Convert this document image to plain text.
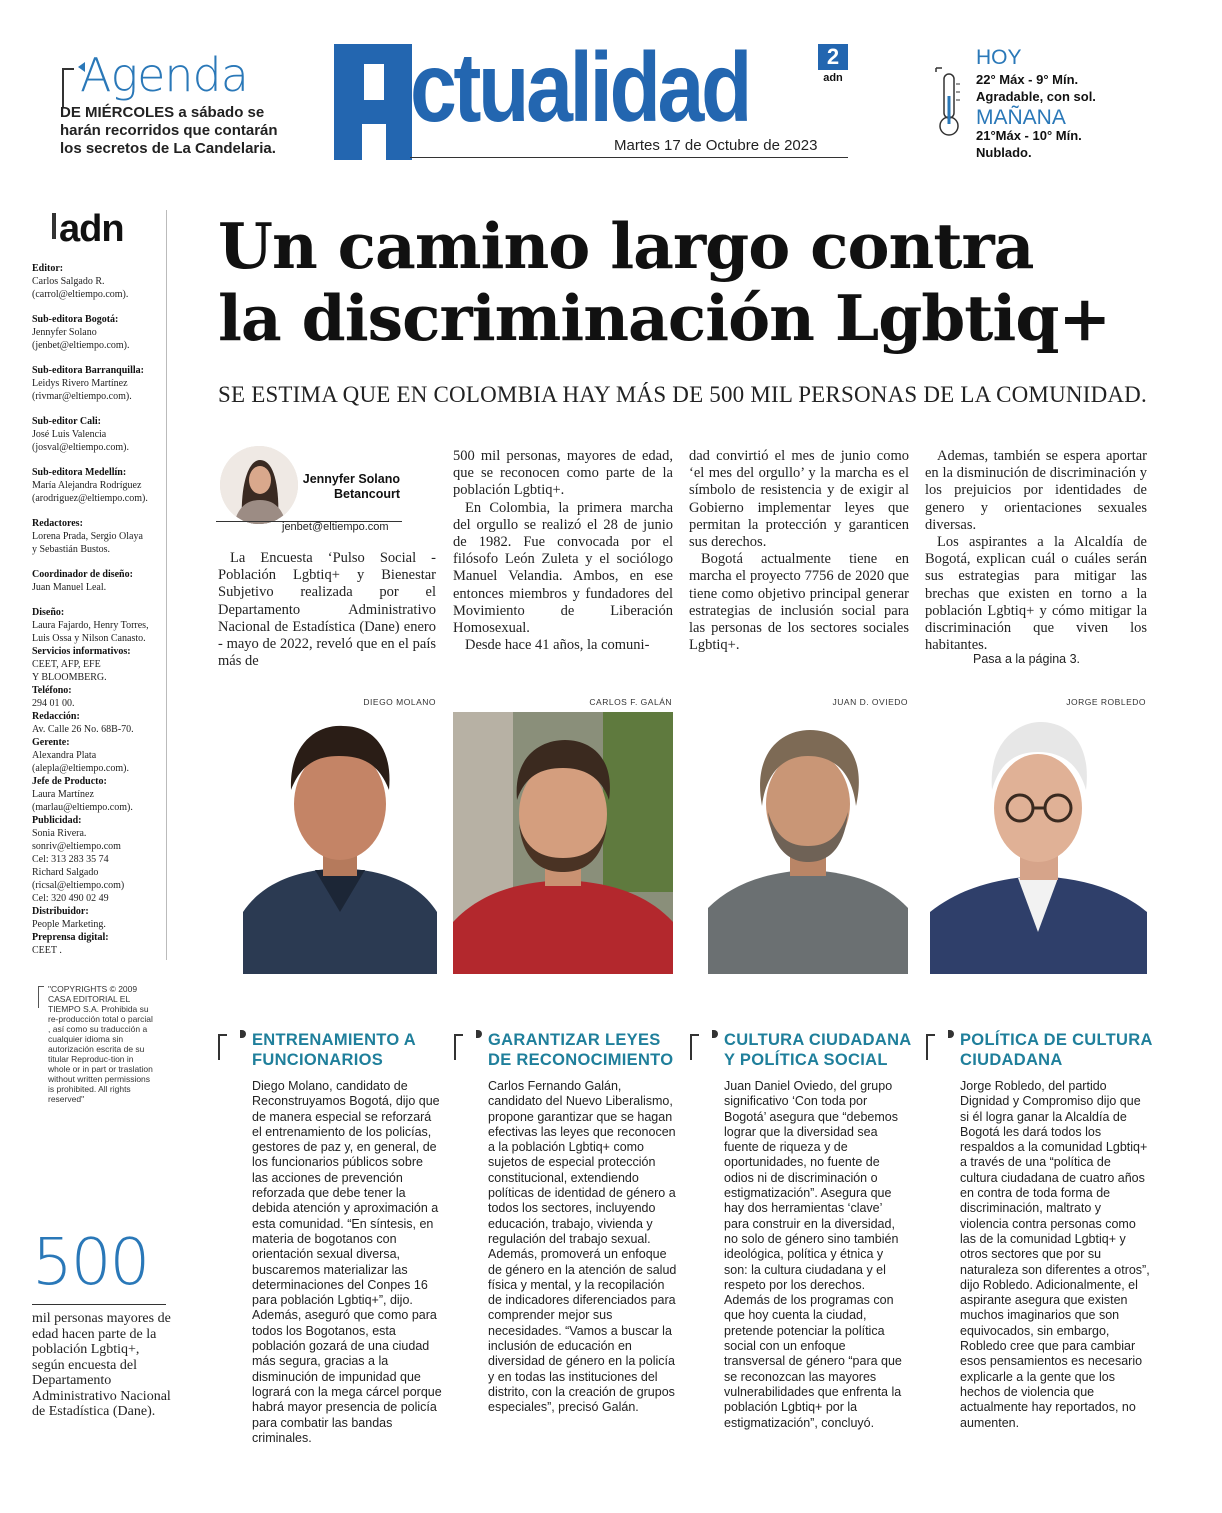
Agenda
DE MIÉRCOLES a sábado se harán recorridos que contarán los secretos de La Candelaria.
ctualidad	2
adn
Martes 17 de Octubre de 2023
HOY
22° Máx - 9° Mín.
Agradable, con sol.
MAÑANA
21°Máx - 10° Mín.
Nublado.
adn
Editor:
Carlos Salgado R.
(carrol@eltiempo.com).
Sub-editora Bogotá:
Jennyfer Solano
(jenbet@eltiempo.com).
Sub-editora Barranquilla:
Leidys Rivero Martínez
(rivmar@eltiempo.com).
Sub-editor Cali:
José Luis Valencia
(josval@eltiempo.com).
Sub-editora Medellín:
María Alejandra Rodríguez
(arodriguez@eltiempo.com).
Redactores:
Lorena Prada, Sergio Olaya
y Sebastián Bustos.
Coordinador de diseño:
Juan Manuel Leal.
Diseño:
Laura Fajardo, Henry Torres,
Luis Ossa y Nilson Canasto.
Servicios informativos:
CEET, AFP, EFE
Y BLOOMBERG.
Teléfono:
294 01 00.
Redacción:
Av. Calle 26 No. 68B-70.
Gerente:
Alexandra Plata
(alepla@eltiempo.com).
Jefe de Producto:
Laura Martínez
(marlau@eltiempo.com).
Publicidad:
Sonia Rivera.
sonriv@eltiempo.com
Cel: 313 283 35 74
Richard Salgado
(ricsal@eltiempo.com)
Cel: 320 490 02 49
Distribuidor:
People Marketing.
Preprensa digital:
CEET .
"COPYRIGHTS © 2009 CASA EDITORIAL EL TIEMPO S.A. Prohibida su re-producción total o parcial , así como su traducción a cualquier idioma sin autorización escrita de su titular Reproduc-tion in whole or in part or traslation without written permissions is prohibited. All rights reserved"
500
mil personas mayores de edad hacen parte de la población Lgbtiq+, según encuesta del Departamento Administrativo Nacional de Estadística (Dane).
Un camino largo contra
la discriminación Lgbtiq+
SE ESTIMA QUE EN COLOMBIA HAY MÁS DE 500 MIL PERSONAS DE LA COMUNIDAD.
Jennyfer Solano Betancourt
jenbet@eltiempo.com
La Encuesta ‘Pulso Social - Población Lgbtiq+ y Bienestar Subjetivo realizada por el Departamento Administrativo Nacional de Estadística (Dane) enero - mayo de 2022, reveló que en el país más de
500 mil personas, mayores de edad, que se reconocen como parte de la población Lgbtiq+.
En Colombia, la primera marcha del orgullo se realizó el 28 de junio de 1982. Fue convocada por el filósofo León Zuleta y el sociólogo Manuel Velandia. Ambos, en ese entonces miembros y fundadores del Movimiento de Liberación Homosexual.
Desde hace 41 años, la comuni-
dad convirtió el mes de junio como ‘el mes del orgullo’ y la marcha es el símbolo de resistencia y de exigir al Gobierno implementar leyes que permitan la protección y garanticen sus derechos.
Bogotá actualmente tiene en marcha el proyecto 7756 de 2020 que tiene como objetivo principal generar estrategias de inclusión social para las personas de los sectores sociales Lgbtiq+.
Ademas, también se espera aportar en la disminución de discriminación y los prejuicios por identidades de genero y orientaciones sexuales diversas.
Los aspirantes a la Alcaldía de Bogotá, explican cuál o cuáles serán sus estrategias para mitigar las brechas que existen en torno a la población Lgbtiq+ y cómo mitigar la discriminación que viven los habitantes.
Pasa a la página 3.
DIEGO MOLANO	CARLOS F. GALÁN	JUAN D. OVIEDO	JORGE ROBLEDO
ENTRENAMIENTO A FUNCIONARIOS
Diego Molano, candidato de Reconstruyamos Bogotá, dijo que de manera especial se reforzará el entrenamiento de los policías, gestores de paz y, en general, de los funcionarios públicos sobre las acciones de prevención reforzada que debe tener la debida atención y aproximación a esta comunidad. “En síntesis, en materia de bogotanos con orientación sexual diversa, buscaremos materializar las determinaciones del Conpes 16 para población Lgbtiq+”, dijo. Además, aseguró que como para todos los Bogotanos, esta población gozará de una ciudad más segura, gracias a la disminución de impunidad que logrará con la mega cárcel porque habrá mayor presencia de policía para combatir las bandas criminales.
GARANTIZAR LEYES DE RECONOCIMIENTO
Carlos Fernando Galán, candidato del Nuevo Liberalismo, propone garantizar que se hagan efectivas las leyes que reconocen a la población Lgbtiq+ como sujetos de especial protección constitucional, extendiendo políticas de identidad de género a todos los sectores, incluyendo educación, trabajo, vivienda y regulación del trabajo sexual. Además, promoverá un enfoque de género en la atención de salud física y mental, y la recopilación de indicadores diferenciados para comprender mejor sus necesidades. “Vamos a buscar la inclusión de educación en diversidad de género en la policía y en todas las instituciones del distrito, con la creación de grupos especiales”, precisó Galán.
CULTURA CIUDADANA Y POLÍTICA SOCIAL
Juan Daniel Oviedo, del grupo significativo ‘Con toda por Bogotá’ asegura que “debemos lograr que la diversidad sea fuente de riqueza y de oportunidades, no fuente de odios ni de discriminación o estigmatización”. Asegura que hay dos herramientas ‘clave’ para construir en la diversidad, no solo de género sino también ideológica, política y étnica y son: la cultura ciudadana y el respeto por los derechos. Además de los programas con que hoy cuenta la ciudad, pretende potenciar la política social con un enfoque transversal de género “para que se reconozcan las mayores vulnerabilidades que enfrenta la población Lgbtiq+ por la estigmatización”, concluyó.
POLÍTICA DE CULTURA CIUDADANA
Jorge Robledo, del partido Dignidad y Compromiso dijo que si él logra ganar la Alcaldía de Bogotá les dará todos los respaldos a la comunidad Lgbtiq+ a través de una “política de cultura ciudadana de cuatro años en contra de toda forma de discriminación, maltrato y violencia contra personas como las de la comunidad Lgbtiq+ y otros sectores que por su naturaleza son diferentes a otros”, dijo Robledo. Adicionalmente, el aspirante asegura que existen muchos imaginarios que son equivocados, sin embargo, Robledo cree que para cambiar esos pensamientos es necesario explicarle a la gente que los hechos de violencia que actualmente hay reportados, no aumenten.
